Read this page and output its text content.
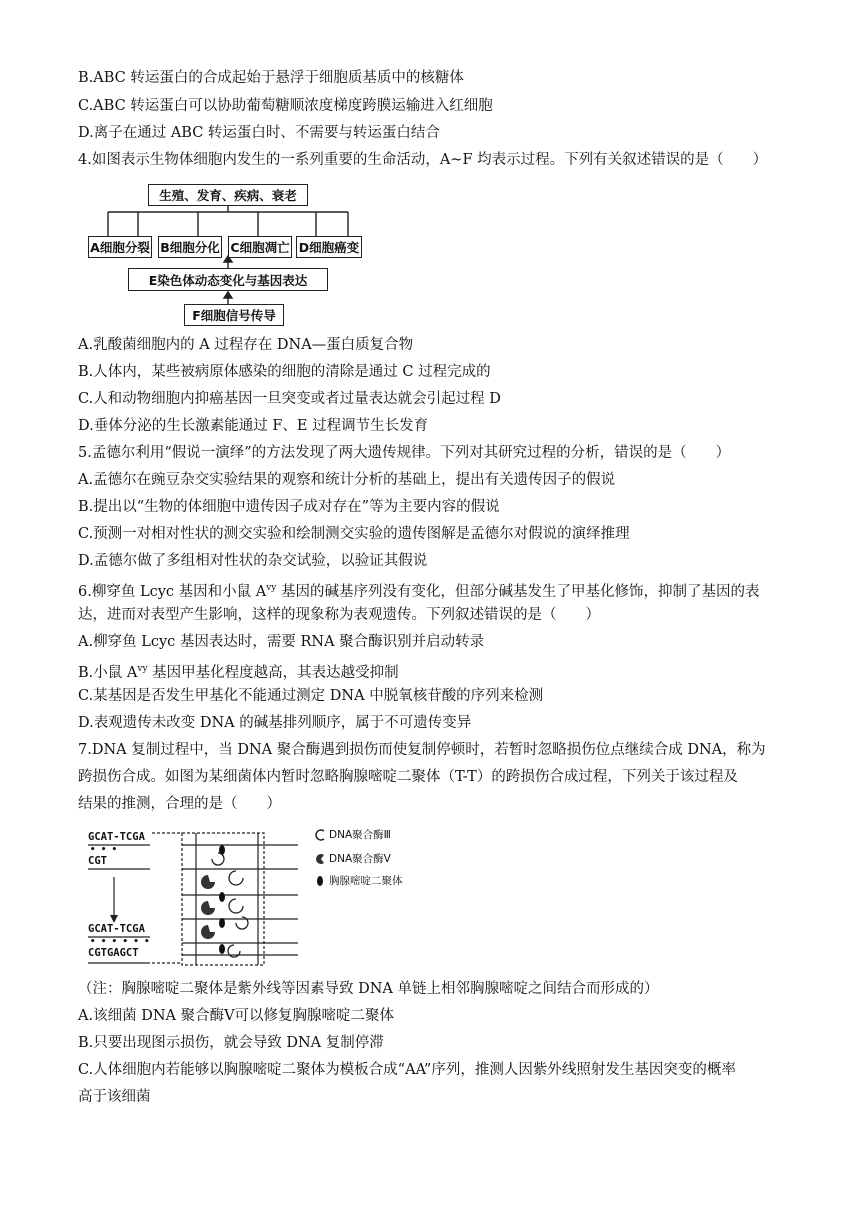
B.ABC 转运蛋白的合成起始于悬浮于细胞质基质中的核糖体
C.ABC 转运蛋白可以协助葡萄糖顺浓度梯度跨膜运输进入红细胞
D.离子在通过 ABC 转运蛋白时、不需要与转运蛋白结合
4.如图表示生物体细胞内发生的一系列重要的生命活动，A~F 均表示过程。下列有关叙述错误的是（　　）
生殖、发育、疾病、衰老
A细胞分裂 B细胞分化 C细胞凋亡 D细胞癌变
E染色体动态变化与基因表达
F细胞信号传导
A.乳酸菌细胞内的 A 过程存在 DNA—蛋白质复合物
B.人体内，某些被病原体感染的细胞的清除是通过 C 过程完成的
C.人和动物细胞内抑癌基因一旦突变或者过量表达就会引起过程 D
D.垂体分泌的生长激素能通过 F、E 过程调节生长发育
5.孟德尔利用“假说一演绎”的方法发现了两大遗传规律。下列对其研究过程的分析，错误的是（　　）
A.孟德尔在豌豆杂交实验结果的观察和统计分析的基础上，提出有关遗传因子的假说
B.提出以“生物的体细胞中遗传因子成对存在”等为主要内容的假说
C.预测一对相对性状的测交实验和绘制测交实验的遗传图解是孟德尔对假说的演绎推理
D.孟德尔做了多组相对性状的杂交试验，以验证其假说
6.柳穿鱼 Lcyc 基因和小鼠 $A^{vy}$ 基因的碱基序列没有变化，但部分碱基发生了甲基化修饰，抑制了基因的表
达，进而对表型产生影响，这样的现象称为表观遗传。下列叙述错误的是（　　）
A.柳穿鱼 Lcyc 基因表达时，需要 RNA 聚合酶识别并启动转录
B.小鼠 $A^{vy}$ 基因甲基化程度越高，其表达越受抑制
C.某基因是否发生甲基化不能通过测定 DNA 中脱氧核苷酸的序列来检测
D.表观遗传未改变 DNA 的碱基排列顺序，属于不可遗传变异
7.DNA 复制过程中，当 DNA 聚合酶遇到损伤而使复制停顿时，若暂时忽略损伤位点继续合成 DNA，称为
跨损伤合成。如图为某细菌体内暂时忽略胸腺嘧啶二聚体（T-T）的跨损伤合成过程，下列关于该过程及
结果的推测，合理的是（　　）
GCAT-TCGA
• • •
CGT
GCAT-TCGA
• • • • • •
CGTGAGCT
DNA聚合酶Ⅲ
DNA聚合酶Ⅴ
胸腺嘧啶二聚体
（注：胸腺嘧啶二聚体是紫外线等因素导致 DNA 单链上相邻胸腺嘧啶之间结合而形成的）
A.该细菌 DNA 聚合酶Ⅴ可以修复胸腺嘧啶二聚体
B.只要出现图示损伤，就会导致 DNA 复制停滞
C.人体细胞内若能够以胸腺嘧啶二聚体为模板合成“AA”序列，推测人因紫外线照射发生基因突变的概率
高于该细菌
